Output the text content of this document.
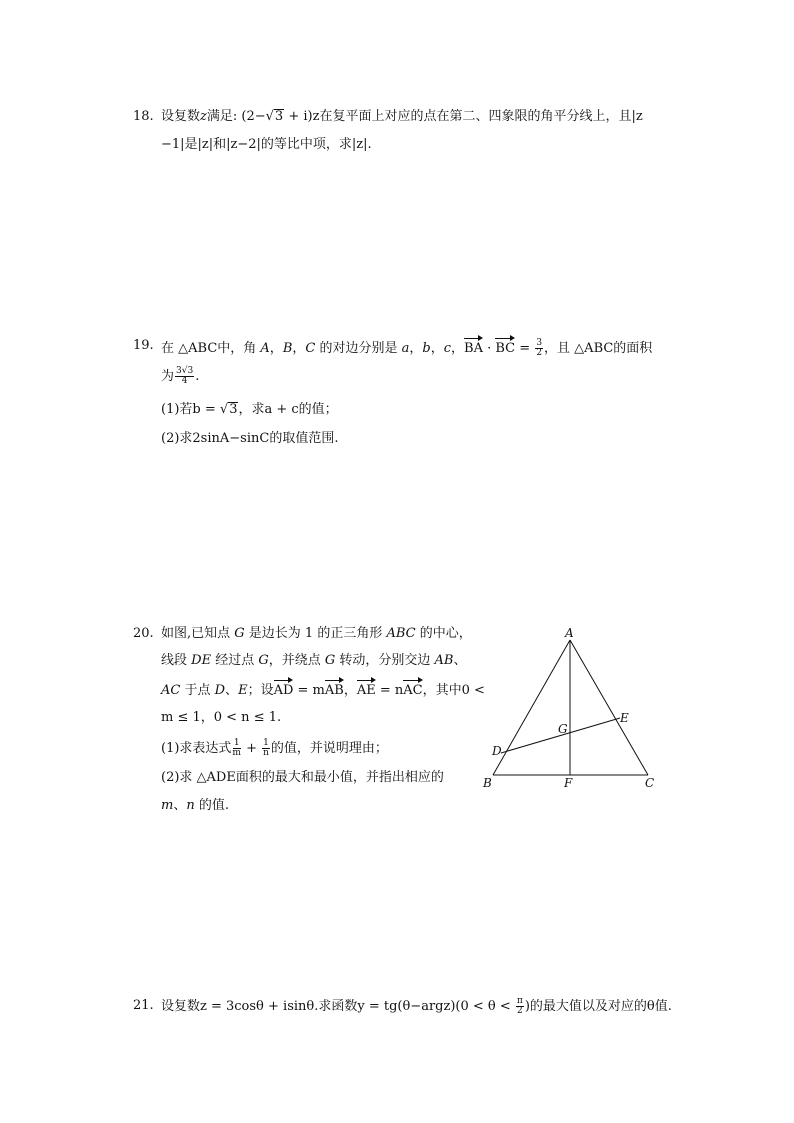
18. 设复数z满足: (2−√3 + i)z在复平面上对应的点在第二、四象限的角平分线上，且|z
−1|是|z|和|z−2|的等比中项，求|z|.
19. 在 △ABC中，角 A，B，C 的对边分别是 a，b，c，BA · BC = $\frac{3}{2}$ ，且 △ABC的面积
为 $\frac{3√3}{4}$ .
(1)若b = √3，求a + c的值；
(2)求2sinA−sinC的取值范围.
20. 如图,已知点 G 是边长为 1 的正三角形 ABC 的中心，
线段 DE 经过点 G，并绕点 G 转动，分别交边 AB、
AC 于点 D、E；设AD = mAB，AE = nAC，其中0 <
m ≤ 1，0 < n ≤ 1.
(1)求表达式 $\frac{1}{m} + \frac{1}{n}$ 的值，并说明理由；
(2)求 △ADE面积的最大和最小值，并指出相应的
m、n 的值.
A
B	C
D
E
F
G
21. 设复数z = 3cosθ + isinθ.求函数y = tg(θ−argz)(0 < $\theta < \frac{\pi}{2}$ )的最大值以及对应的θ值.
